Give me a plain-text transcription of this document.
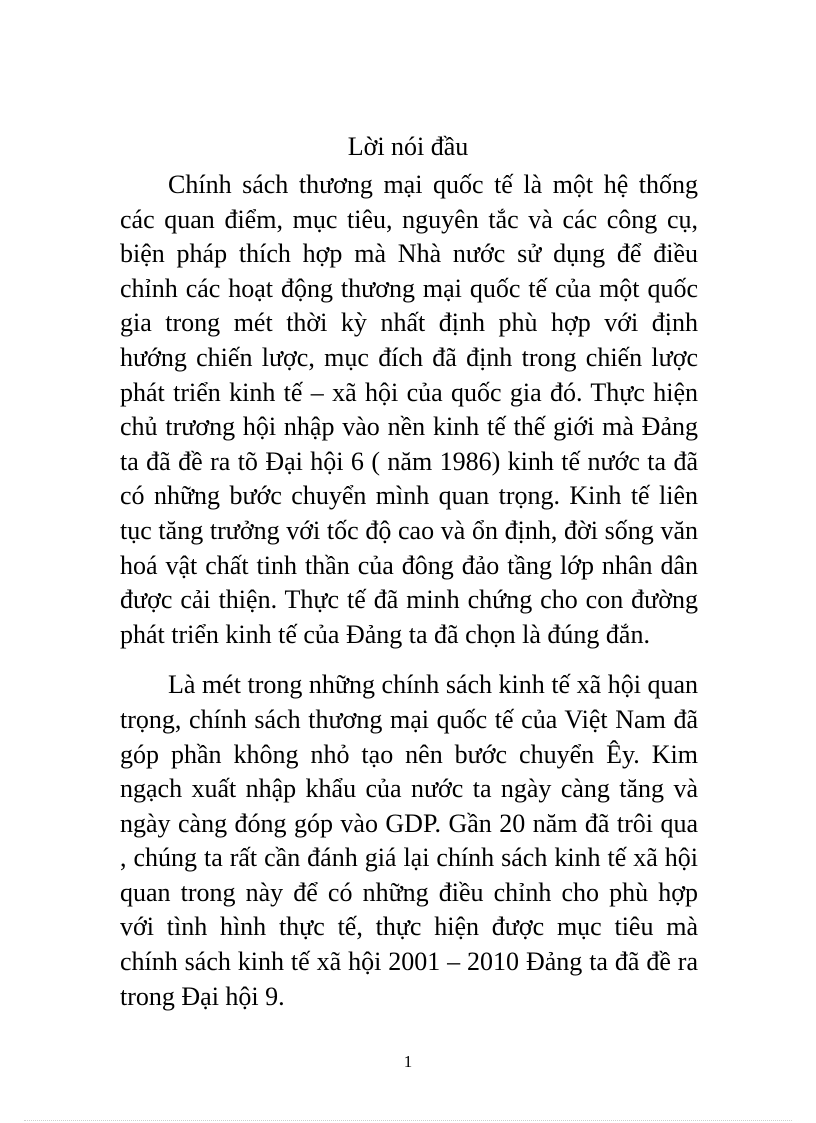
Lời nói đầu

Chính sách thương mại quốc tế là một hệ thống các quan điểm, mục tiêu, nguyên tắc và các công cụ, biện pháp thích hợp mà Nhà nước sử dụng để điều chỉnh các hoạt động thương mại quốc tế của một quốc gia trong mét thời kỳ nhất định phù hợp với định hướng chiến lược, mục đích đã định trong chiến lược phát triển kinh tế – xã hội của quốc gia đó. Thực hiện chủ trương hội nhập vào nền kinh tế thế giới mà Đảng ta đã đề ra tõ Đại hội 6 ( năm 1986) kinh tế nước ta đã có những bước chuyển mình quan trọng. Kinh tế liên tục tăng trưởng với tốc độ cao và ổn định, đời sống văn hoá vật chất tinh thần của đông đảo tầng lớp nhân dân được cải thiện. Thực tế đã minh chứng cho con đường phát triển kinh tế của Đảng ta đã chọn là đúng đắn.

Là mét trong những chính sách kinh tế xã hội quan trọng, chính sách thương mại quốc tế của Việt Nam đã góp phần không nhỏ tạo nên bước chuyển Êy. Kim ngạch xuất nhập khẩu của nước ta ngày càng tăng và ngày càng đóng góp vào GDP. Gần 20 năm đã trôi qua , chúng ta rất cần đánh giá lại chính sách kinh tế xã hội quan trong này để có những điều chỉnh cho phù hợp với tình hình thực tế, thực hiện được mục tiêu mà chính sách kinh tế xã hội 2001 – 2010 Đảng ta đã đề ra trong Đại hội 9.

1
